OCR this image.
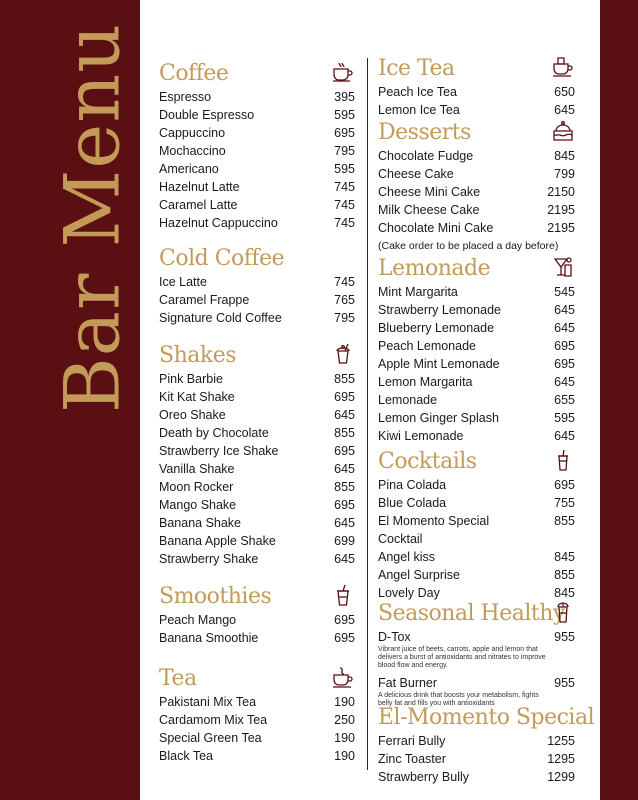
Bar Menu Coffee
Espresso	395
Double Espresso	595
Cappuccino	695
Mochaccino	795
Americano	595
Hazelnut Latte	745
Caramel Latte	745
Hazelnut Cappuccino	745
Cold Coffee
Ice Latte	745
Caramel Frappe	765
Signature Cold Coffee	795
Shakes
Pink Barbie	855
Kit Kat Shake	695
Oreo Shake	645
Death by Chocolate	855
Strawberry Ice Shake	695
Vanilla Shake	645
Moon Rocker	855
Mango Shake	695
Banana Shake	645
Banana Apple Shake	699
Strawberry Shake	645
Smoothies
Peach Mango	695
Banana Smoothie	695
Tea
Pakistani Mix Tea	190
Cardamom Mix Tea	250
Special Green Tea	190
Black Tea	190
Ice Tea
Peach Ice Tea	650
Lemon Ice Tea	645
Desserts
Chocolate Fudge	845
Cheese Cake	799
Cheese Mini Cake	2150
Milk Cheese Cake	2195
Chocolate Mini Cake	2195
(Cake order to be placed a day before)
Lemonade
Mint Margarita	545
Strawberry Lemonade	645
Blueberry Lemonade	645
Peach Lemonade	695
Apple Mint Lemonade	695
Lemon Margarita	645
Lemonade	655
Lemon Ginger Splash	595
Kiwi Lemonade	645
Cocktails
Pina Colada	695
Blue Colada	755
El Momento Special	855
Cocktail
Angel kiss	845
Angel Surprise	855
Lovely Day	845
Seasonal Healthy
D-Tox	955
Vibrant juice of beets, carrots, apple and lemon that delivers a burst of antioxidants and nitrates to improve blood flow and energy.
Fat Burner	955
A delicious drink that boosts your metabolism, fights belly fat and fills you with antioxidants
El-Momento Special
Ferrari Bully	1255
Zinc Toaster	1295
Strawberry Bully	1299
